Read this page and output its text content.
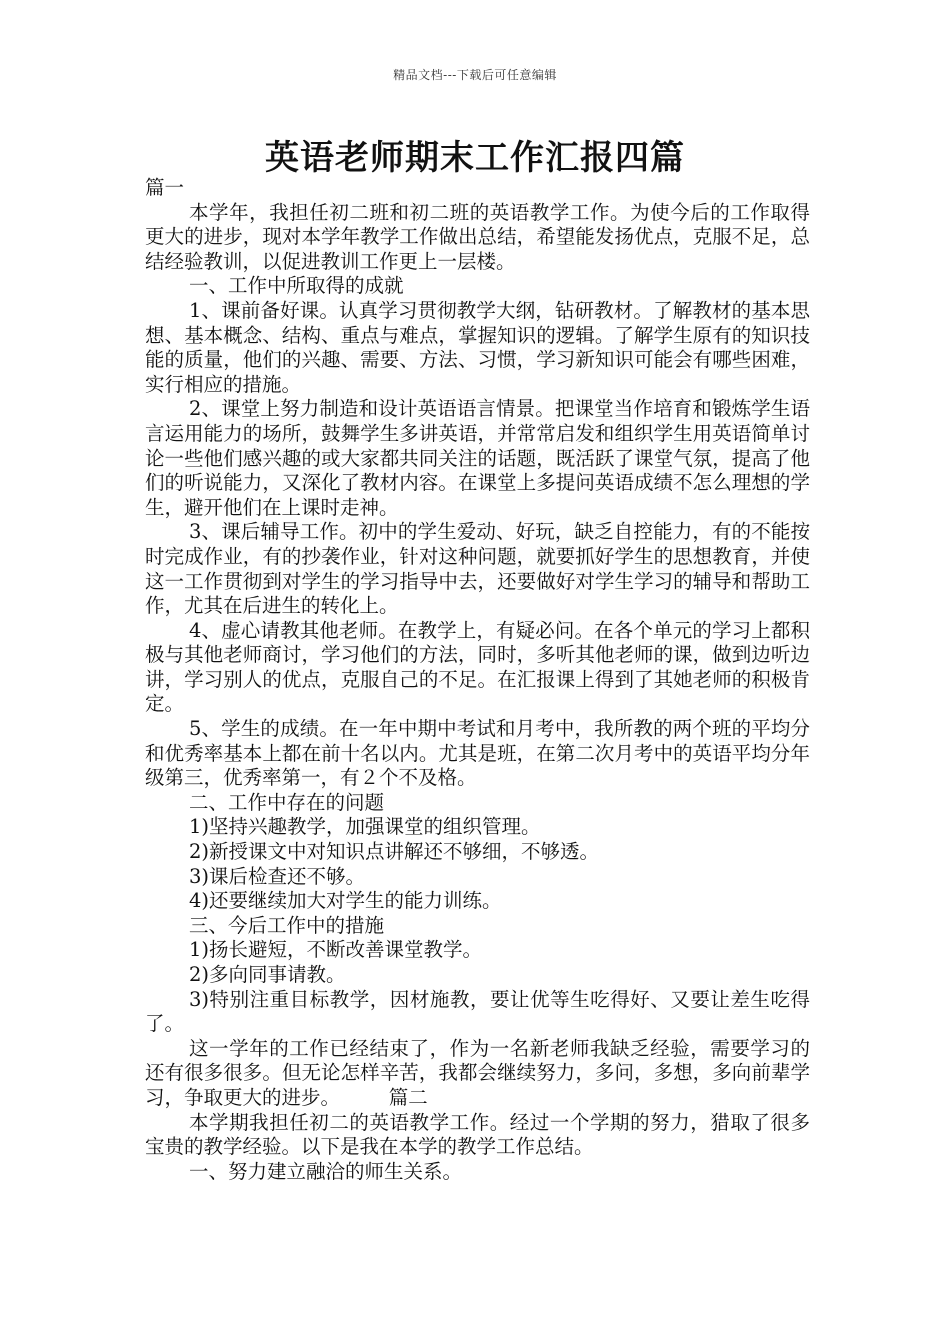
精品文档---下载后可任意编辑
英语老师期末工作汇报四篇

篇一

本学年，我担任初二班和初二班的英语教学工作。为使今后的工作取得更大的进步，现对本学年教学工作做出总结，希望能发扬优点，克服不足，总结经验教训，以促进教训工作更上一层楼。

一、工作中所取得的成就

1、课前备好课。认真学习贯彻教学大纲，钻研教材。了解教材的基本思想、基本概念、结构、重点与难点，掌握知识的逻辑。了解学生原有的知识技能的质量，他们的兴趣、需要、方法、习惯，学习新知识可能会有哪些困难，实行相应的措施。

2、课堂上努力制造和设计英语语言情景。把课堂当作培育和锻炼学生语言运用能力的场所，鼓舞学生多讲英语，并常常启发和组织学生用英语简单讨论一些他们感兴趣的或大家都共同关注的话题，既活跃了课堂气氛，提高了他们的听说能力，又深化了教材内容。在课堂上多提问英语成绩不怎么理想的学生，避开他们在上课时走神。

3、课后辅导工作。初中的学生爱动、好玩，缺乏自控能力，有的不能按时完成作业，有的抄袭作业，针对这种问题，就要抓好学生的思想教育，并使这一工作贯彻到对学生的学习指导中去，还要做好对学生学习的辅导和帮助工作，尤其在后进生的转化上。

4、虚心请教其他老师。在教学上，有疑必问。在各个单元的学习上都积极与其他老师商讨，学习他们的方法，同时，多听其他老师的课，做到边听边讲，学习别人的优点，克服自己的不足。在汇报课上得到了其她老师的积极肯定。

5、学生的成绩。在一年中期中考试和月考中，我所教的两个班的平均分和优秀率基本上都在前十名以内。尤其是班，在第二次月考中的英语平均分年级第三，优秀率第一，有２个不及格。

二、工作中存在的问题

1)坚持兴趣教学，加强课堂的组织管理。

2)新授课文中对知识点讲解还不够细，不够透。

3)课后检查还不够。

4)还要继续加大对学生的能力训练。

三、今后工作中的措施

1)扬长避短，不断改善课堂教学。

2)多向同事请教。

3)特别注重目标教学，因材施教，要让优等生吃得好、又要让差生吃得了。

这一学年的工作已经结束了，作为一名新老师我缺乏经验，需要学习的还有很多很多。但无论怎样辛苦，我都会继续努力，多问，多想，多向前辈学习，争取更大的进步。　　　篇二

本学期我担任初二的英语教学工作。经过一个学期的努力，猎取了很多宝贵的教学经验。以下是我在本学的教学工作总结。

一、努力建立融洽的师生关系。
